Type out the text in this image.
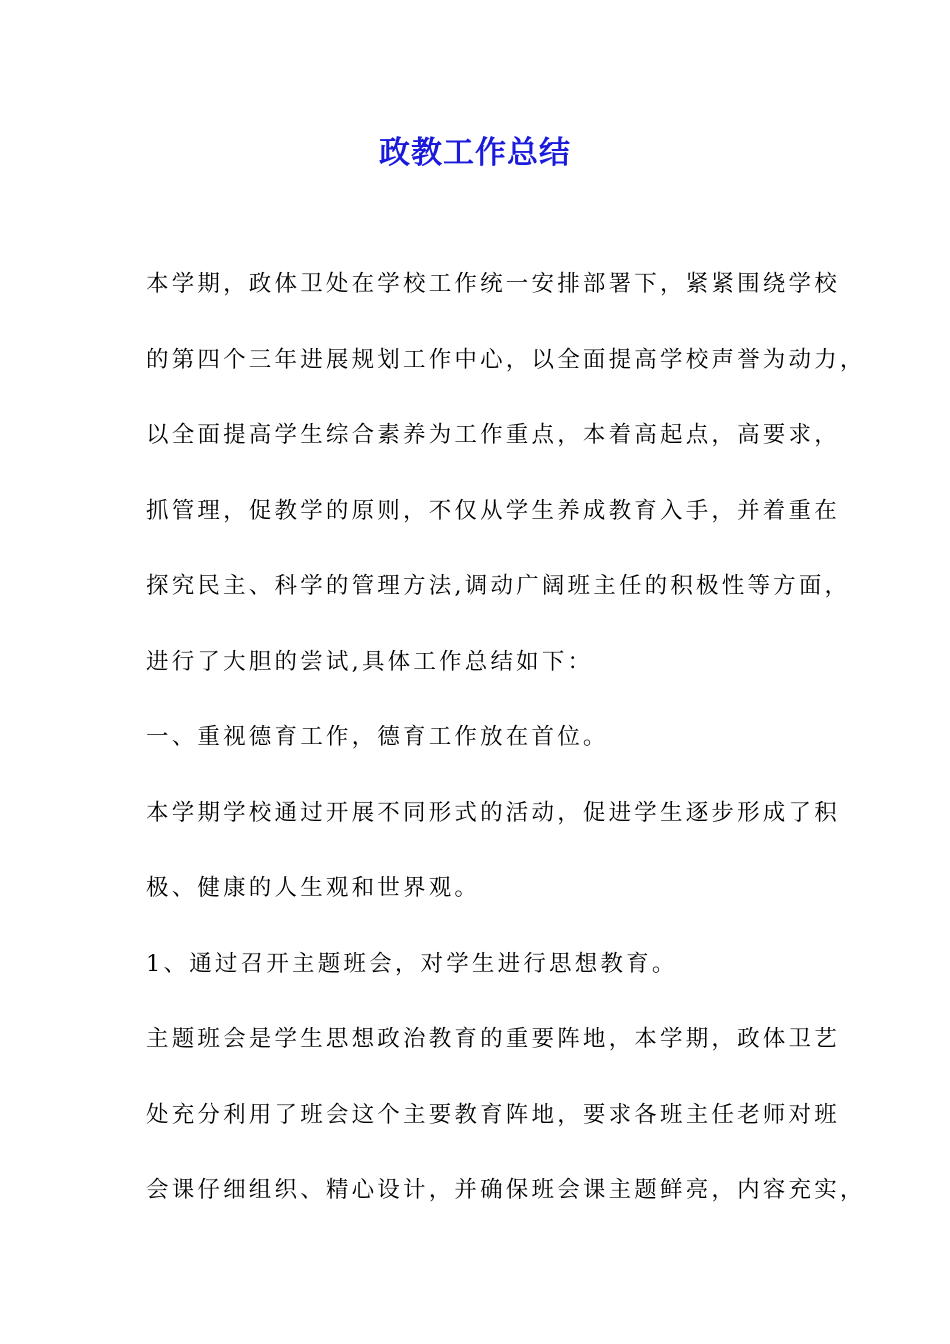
政教工作总结
本学期，政体卫处在学校工作统一安排部署下，紧紧围绕学校
的第四个三年进展规划工作中心，以全面提高学校声誉为动力，
以全面提高学生综合素养为工作重点，本着高起点，高要求，
抓管理，促教学的原则，不仅从学生养成教育入手，并着重在
探究民主、科学的管理方法,调动广阔班主任的积极性等方面，
进行了大胆的尝试,具体工作总结如下：
一、重视德育工作，德育工作放在首位。
本学期学校通过开展不同形式的活动，促进学生逐步形成了积
极、健康的人生观和世界观。
1、通过召开主题班会，对学生进行思想教育。
主题班会是学生思想政治教育的重要阵地，本学期，政体卫艺
处充分利用了班会这个主要教育阵地，要求各班主任老师对班
会课仔细组织、精心设计，并确保班会课主题鲜亮，内容充实，
